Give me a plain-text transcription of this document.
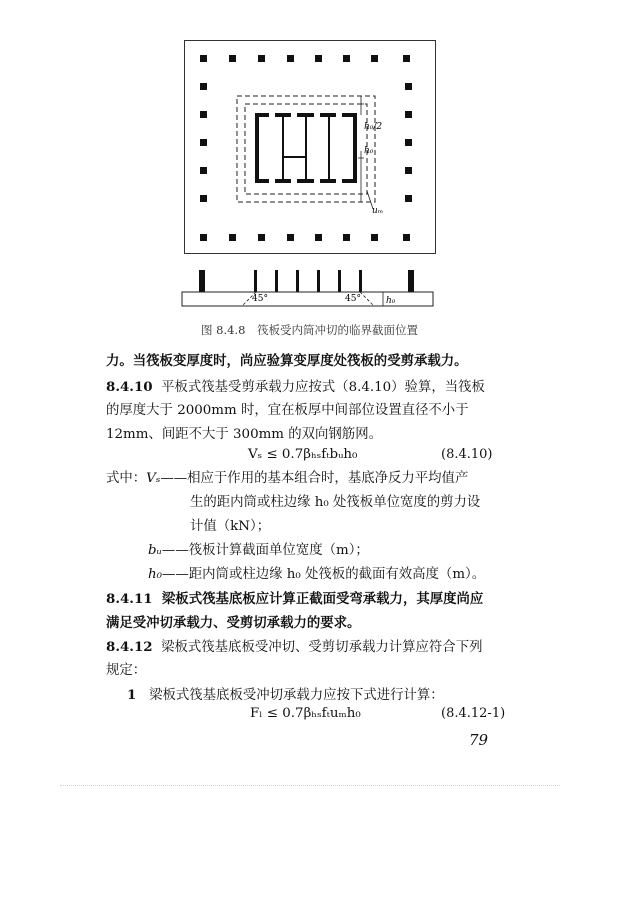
h₀/2
h₀
uₘ
45°	45°	h₀
图 8.4.8　筏板受内筒冲切的临界截面位置
力。当筏板变厚度时，尚应验算变厚度处筏板的受剪承载力。
8.4.10 平板式筏基受剪承载力应按式（8.4.10）验算，当筏板
的厚度大于 2000mm 时，宜在板厚中间部位设置直径不小于
12mm、间距不大于 300mm 的双向钢筋网。
Vₛ ≤ 0.7βₕₛfₜbᵤh₀	(8.4.10)
式中：Vₛ——相应于作用的基本组合时，基底净反力平均值产
生的距内筒或柱边缘 h₀ 处筏板单位宽度的剪力设
计值（kN）；
bᵤ——筏板计算截面单位宽度（m）；
h₀——距内筒或柱边缘 h₀ 处筏板的截面有效高度（m）。
8.4.11 梁板式筏基底板应计算正截面受弯承载力，其厚度尚应
满足受冲切承载力、受剪切承载力的要求。
8.4.12 梁板式筏基底板受冲切、受剪切承载力计算应符合下列
规定：
1 梁板式筏基底板受冲切承载力应按下式进行计算：
Fₗ ≤ 0.7βₕₛfₜuₘh₀	(8.4.12-1)
79
